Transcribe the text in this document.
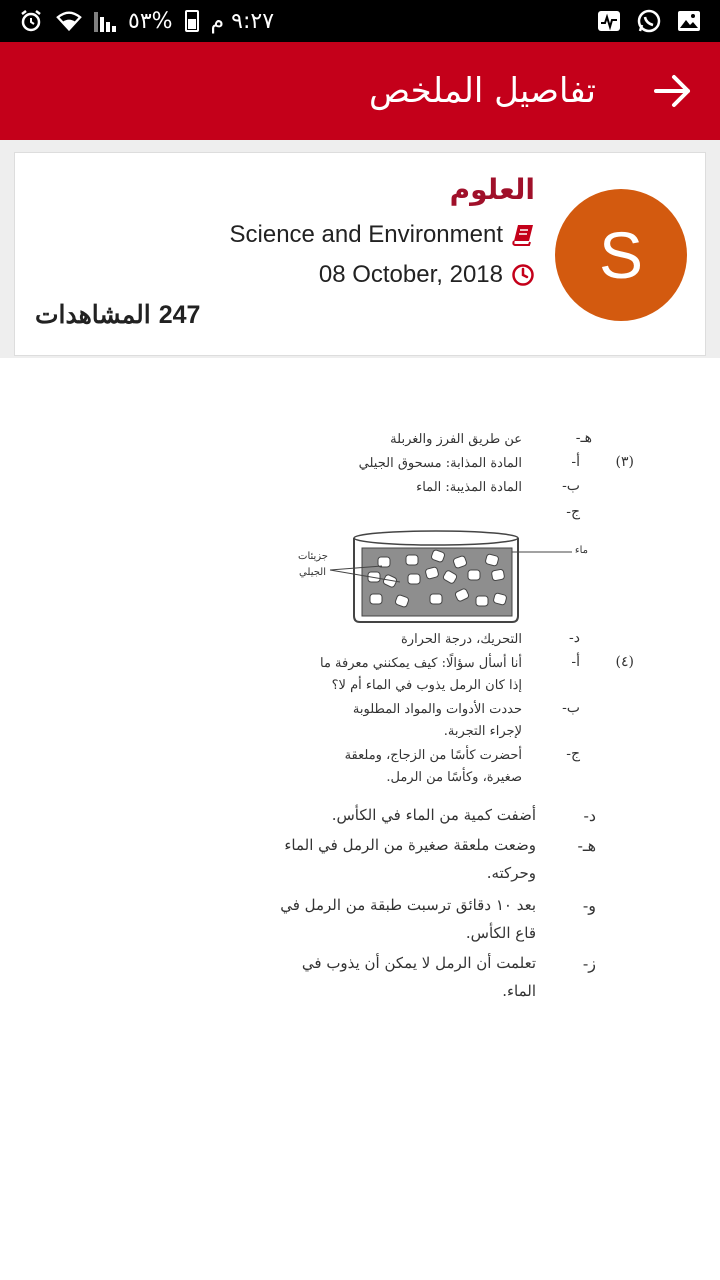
٩:٢٧ م
%٥٣
تفاصيل الملخص
S
العلوم
Science and Environment
08 October, 2018
247
المشاهدات
هـ-
عن طريق الفرز والغربلة
(٣)
أ-
المادة المذابة: مسحوق الجيلي
ب-
المادة المذيبة: الماء
ج-
ماء
جزيئات
الجيلي
د-
التحريك، درجة الحرارة
(٤)
أ-
أنا أسأل سؤالًا: كيف يمكنني معرفة ما
إذا كان الرمل يذوب في الماء أم لا؟
ب-
حددت الأدوات والمواد المطلوبة
لإجراء التجربة.
ج-
أحضرت كأسًا من الزجاج، وملعقة
صغيرة، وكأسًا من الرمل.
د-
أضفت كمية من الماء في الكأس.
هـ-
وضعت ملعقة صغيرة من الرمل في الماء
وحركته.
و-
بعد ١٠ دقائق ترسبت طبقة من الرمل في
قاع الكأس.
ز-
تعلمت أن الرمل لا يمكن أن يذوب في
الماء.
